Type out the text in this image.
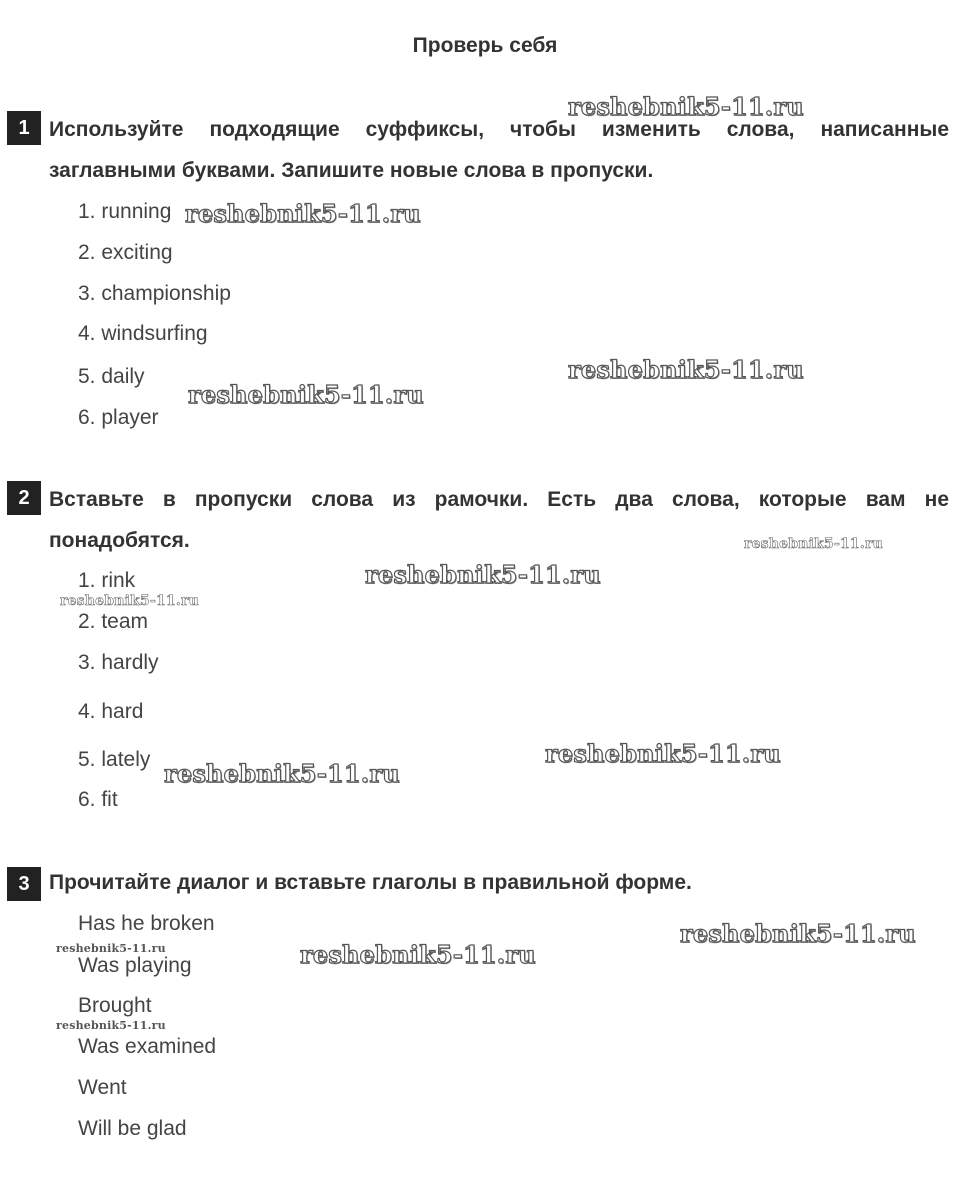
Проверь себя
1 Используйте подходящие суффиксы, чтобы изменить слова, написанные заглавными буквами. Запишите новые слова в пропуски.
1. running
2. exciting
3. championship
4. windsurfing
5. daily
6. player
2 Вставьте в пропуски слова из рамочки. Есть два слова, которые вам не понадобятся.
1. rink
2. team
3. hardly
4. hard
5. lately
6. fit
3 Прочитайте диалог и вставьте глаголы в правильной форме.
Has he broken
Was playing
Brought
Was examined
Went
Will be glad
reshebnik5-11.ru
reshebnik5-11.ru
reshebnik5-11.ru
reshebnik5-11.ru
reshebnik5-11.ru
reshebnik5-11.ru
reshebnik5-11.ru
reshebnik5-11.ru
reshebnik5-11.ru
reshebnik5-11.ru
reshebnik5-11.ru	reshebnik5-11.ru
reshebnik5-11.ru
